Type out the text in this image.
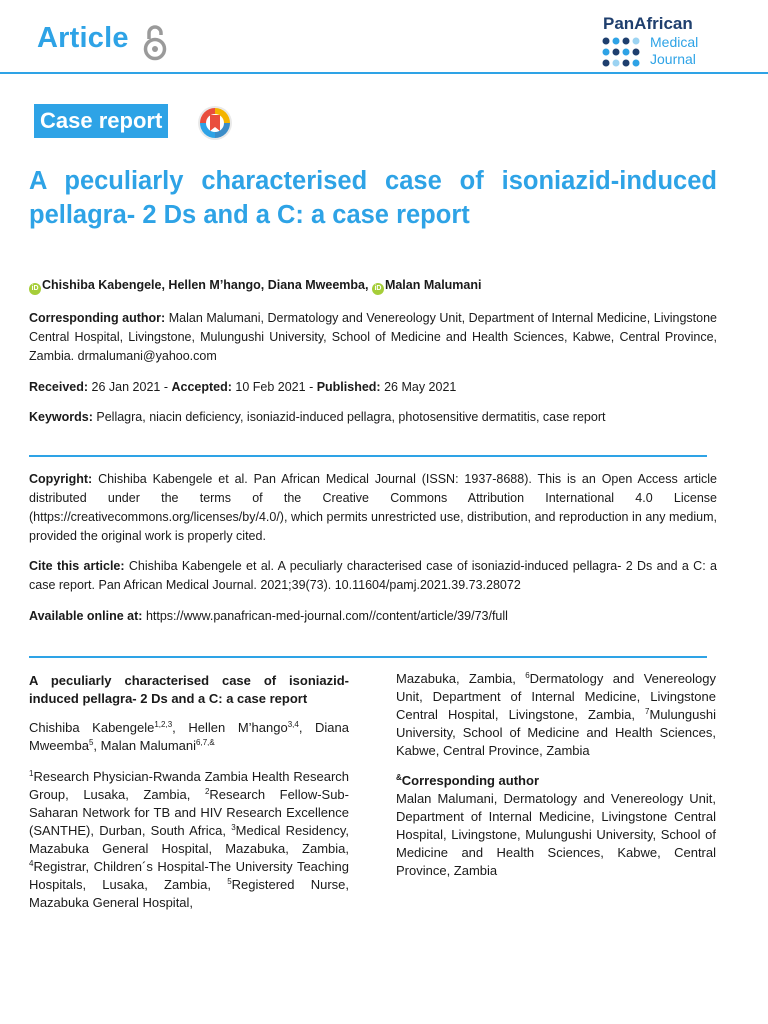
Article	PanAfrican
Medical
Journal
Case report
A peculiarly characterised case of isoniazid-induced pellagra- 2 Ds and a C: a case report
iD Chishiba Kabengele, Hellen M’hango, Diana Mweemba, iD Malan Malumani
Corresponding author: Malan Malumani, Dermatology and Venereology Unit, Department of Internal Medicine, Livingstone Central Hospital, Livingstone, Mulungushi University, School of Medicine and Health Sciences, Kabwe, Central Province, Zambia. drmalumani@yahoo.com
Received: 26 Jan 2021 - Accepted: 10 Feb 2021 - Published: 26 May 2021
Keywords: Pellagra, niacin deficiency, isoniazid-induced pellagra, photosensitive dermatitis, case report
Copyright: Chishiba Kabengele et al. Pan African Medical Journal (ISSN: 1937-8688). This is an Open Access article distributed under the terms of the Creative Commons Attribution International 4.0 License (https://creativecommons.org/licenses/by/4.0/), which permits unrestricted use, distribution, and reproduction in any medium, provided the original work is properly cited.
Cite this article: Chishiba Kabengele et al. A peculiarly characterised case of isoniazid-induced pellagra- 2 Ds and a C: a case report. Pan African Medical Journal. 2021;39(73). 10.11604/pamj.2021.39.73.28072
Available online at: https://www.panafrican-med-journal.com//content/article/39/73/full

A peculiarly characterised case of isoniazid-induced pellagra- 2 Ds and a C: a case report

Chishiba Kabengele$^{1,2,3}$, Hellen M’hango$^{3,4}$, Diana Mweemba$^5$, Malan Malumani$^{6,7,\&}$

$^1$Research Physician-Rwanda Zambia Health Research Group, Lusaka, Zambia, $^2$Research Fellow-Sub-Saharan Network for TB and HIV Research Excellence (SANTHE), Durban, South Africa, $^3$Medical Residency, Mazabuka General Hospital, Mazabuka, Zambia, $^4$Registrar, Children´s Hospital-The University Teaching Hospitals, Lusaka, Zambia, $^5$Registered Nurse, Mazabuka General Hospital,

Mazabuka, Zambia, $^6$Dermatology and Venereology Unit, Department of Internal Medicine, Livingstone Central Hospital, Livingstone, Zambia, $^7$Mulungushi University, School of Medicine and Health Sciences, Kabwe, Central Province, Zambia

&Corresponding author

Malan Malumani, Dermatology and Venereology Unit, Department of Internal Medicine, Livingstone Central Hospital, Livingstone, Mulungushi University, School of Medicine and Health Sciences, Kabwe, Central Province, Zambia
